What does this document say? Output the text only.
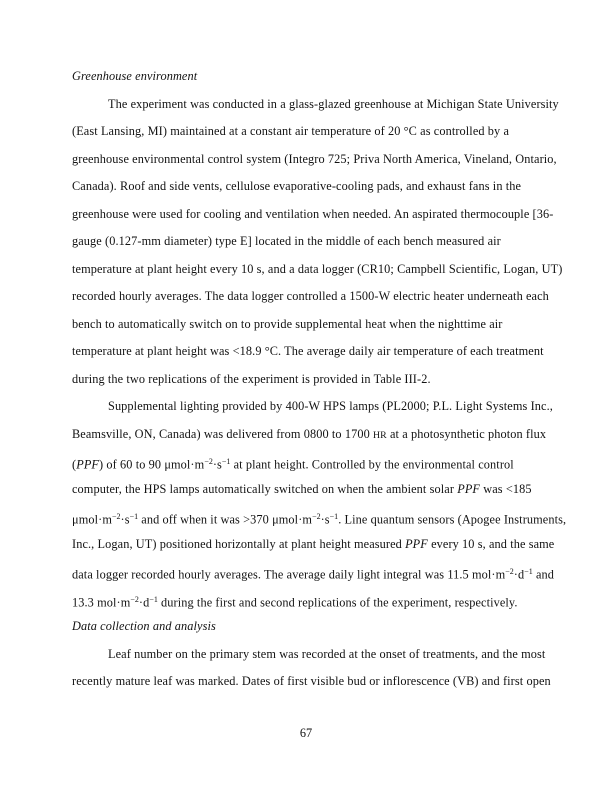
Greenhouse environment
The experiment was conducted in a glass-glazed greenhouse at Michigan State University
(East Lansing, MI) maintained at a constant air temperature of 20 °C as controlled by a
greenhouse environmental control system (Integro 725; Priva North America, Vineland, Ontario,
Canada). Roof and side vents, cellulose evaporative-cooling pads, and exhaust fans in the
greenhouse were used for cooling and ventilation when needed. An aspirated thermocouple [36-
gauge (0.127-mm diameter) type E] located in the middle of each bench measured air
temperature at plant height every 10 s, and a data logger (CR10; Campbell Scientific, Logan, UT)
recorded hourly averages. The data logger controlled a 1500-W electric heater underneath each
bench to automatically switch on to provide supplemental heat when the nighttime air
temperature at plant height was <18.9 °C. The average daily air temperature of each treatment
during the two replications of the experiment is provided in Table III-2.
Supplemental lighting provided by 400-W HPS lamps (PL2000; P.L. Light Systems Inc.,
Beamsville, ON, Canada) was delivered from 0800 to 1700 HR at a photosynthetic photon flux
(PPF) of 60 to 90 $\mu mol\cdot m^{-2}\cdot s^{-1}$ at plant height. Controlled by the environmental control
computer, the HPS lamps automatically switched on when the ambient solar PPF was <185
$\mu mol\cdot m^{-2}\cdot s^{-1}$ and off when it was >370 $\mu mol\cdot m^{-2}\cdot s^{-1}$. Line quantum sensors (Apogee Instruments,
Inc., Logan, UT) positioned horizontally at plant height measured PPF every 10 s, and the same
data logger recorded hourly averages. The average daily light integral was 11.5 $mol\cdot m^{-2}\cdot d^{-1}$ and
13.3 $mol\cdot m^{-2}\cdot d^{-1}$ during the first and second replications of the experiment, respectively.
Data collection and analysis
Leaf number on the primary stem was recorded at the onset of treatments, and the most
recently mature leaf was marked. Dates of first visible bud or inflorescence (VB) and first open
67
